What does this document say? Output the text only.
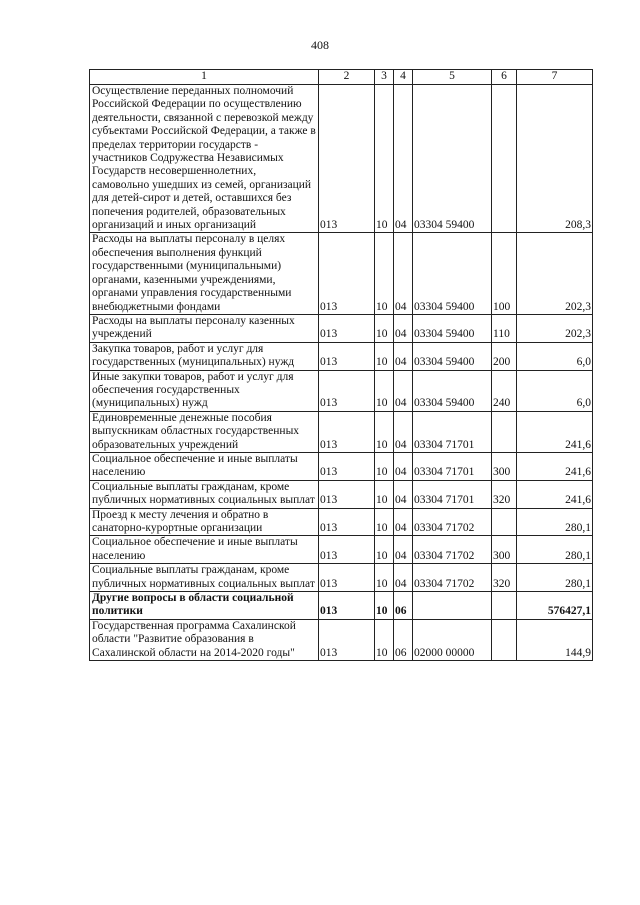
408
1	2	3	4	5	6	7
Осуществление переданных полномочий Российской Федерации по осуществлению деятельности, связанной с перевозкой между субъектами Российской Федерации, а также в пределах территории государств - участников Содружества Независимых Государств несовершеннолетних, самовольно ушедших из семей, организаций для детей-сирот и детей, оставшихся без попечения родителей, образовательных организаций и иных организаций	013	10	04	03304 59400		208,3
Расходы на выплаты персоналу в целях обеспечения выполнения функций государственными (муниципальными) органами, казенными учреждениями, органами управления государственными внебюджетными фондами	013	10	04	03304 59400	100	202,3
Расходы на выплаты персоналу казенных учреждений	013	10	04	03304 59400	110	202,3
Закупка товаров, работ и услуг для государственных (муниципальных) нужд	013	10	04	03304 59400	200	6,0
Иные закупки товаров, работ и услуг для обеспечения государственных (муниципальных) нужд	013	10	04	03304 59400	240	6,0
Единовременные денежные пособия выпускникам областных государственных образовательных учреждений	013	10	04	03304 71701		241,6
Социальное обеспечение и иные выплаты населению	013	10	04	03304 71701	300	241,6
Социальные выплаты гражданам, кроме публичных нормативных социальных выплат	013	10	04	03304 71701	320	241,6
Проезд к месту лечения и обратно в санаторно-курортные организации	013	10	04	03304 71702		280,1
Социальное обеспечение и иные выплаты населению	013	10	04	03304 71702	300	280,1
Социальные выплаты гражданам, кроме публичных нормативных социальных выплат	013	10	04	03304 71702	320	280,1
Другие вопросы в области социальной политики	013	10	06			576427,1
Государственная программа Сахалинской области "Развитие образования в Сахалинской области на 2014-2020 годы"	013	10	06	02000 00000		144,9
